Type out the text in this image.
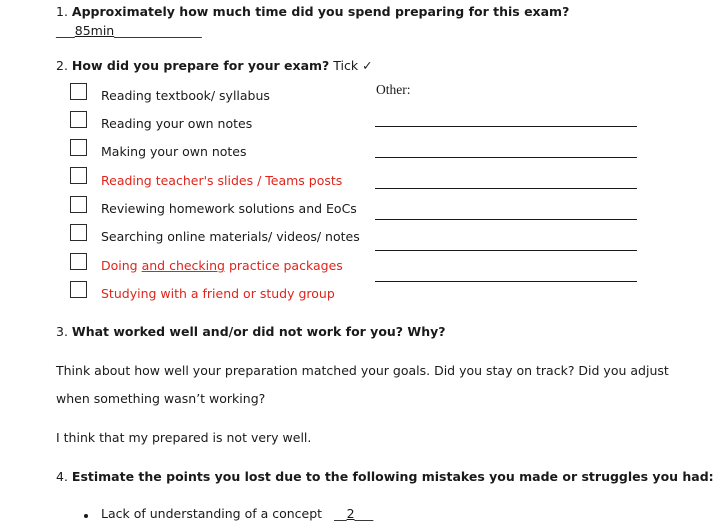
1. Approximately how much time did you spend preparing for this exam?
___85min______________
2. How did you prepare for your exam? Tick ✓
Other:
Reading textbook/ syllabus
Reading your own notes
Making your own notes
Reading teacher's slides / Teams posts
Reviewing homework solutions and EoCs
Searching online materials/ videos/ notes
Doing and checking practice packages
Studying with a friend or study group
3. What worked well and/or did not work for you? Why?
Think about how well your preparation matched your goals. Did you stay on track? Did you adjust
when something wasn’t working?
I think that my prepared is not very well.
4. Estimate the points you lost due to the following mistakes you made or struggles you had:
Lack of understanding of a concept __2___
